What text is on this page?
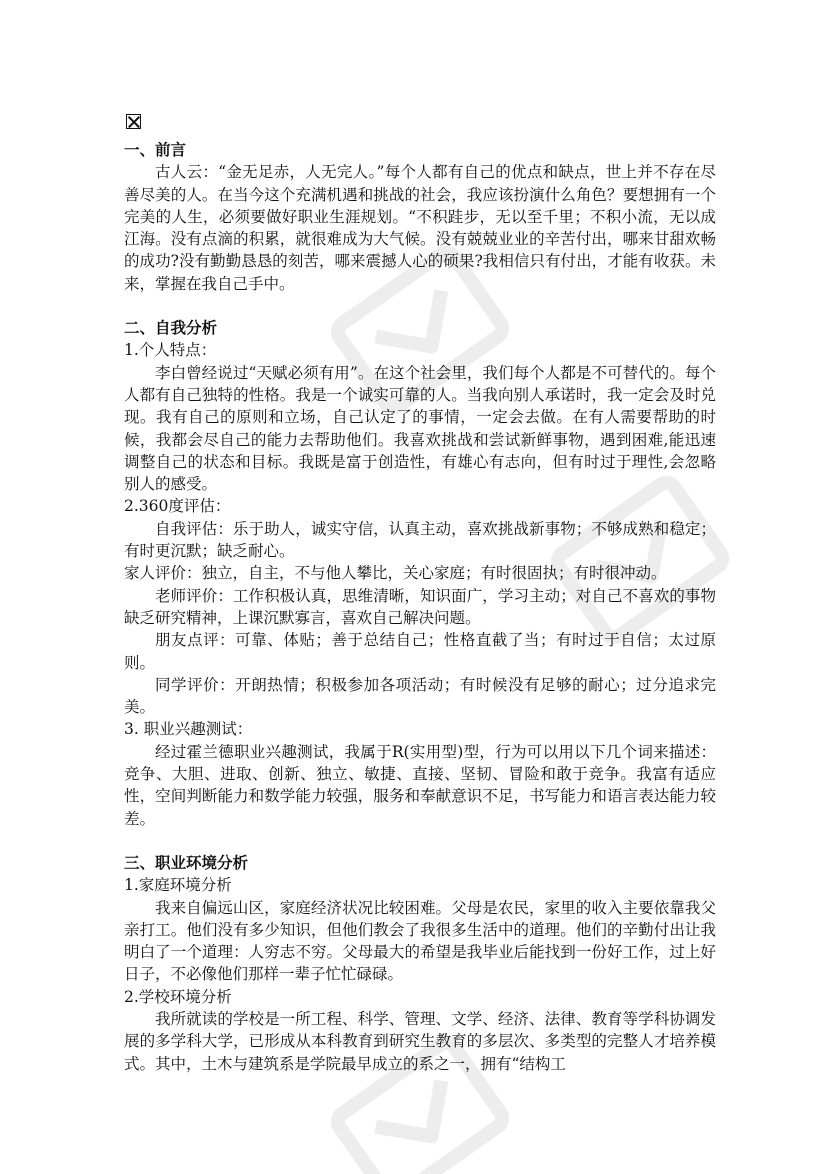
一、前言

古人云：“金无足赤，人无完人。”每个人都有自己的优点和缺点，世上并不存在尽善尽美的人。在当今这个充满机遇和挑战的社会，我应该扮演什么角色？要想拥有一个完美的人生，必须要做好职业生涯规划。“不积跬步，无以至千里；不积小流，无以成江海。没有点滴的积累，就很难成为大气候。没有兢兢业业的辛苦付出，哪来甘甜欢畅的成功?没有勤勤恳恳的刻苦，哪来震撼人心的硕果?我相信只有付出，才能有收获。未来，掌握在我自己手中。

二、自我分析

1.个人特点：

李白曾经说过“天赋必须有用”。在这个社会里，我们每个人都是不可替代的。每个人都有自己独特的性格。我是一个诚实可靠的人。当我向别人承诺时，我一定会及时兑现。我有自己的原则和立场，自己认定了的事情，一定会去做。在有人需要帮助的时候，我都会尽自己的能力去帮助他们。我喜欢挑战和尝试新鲜事物，遇到困难,能迅速调整自己的状态和目标。我既是富于创造性，有雄心有志向，但有时过于理性,会忽略别人的感受。

2.360度评估：

自我评估：乐于助人，诚实守信，认真主动，喜欢挑战新事物；不够成熟和稳定；有时更沉默；缺乏耐心。

家人评价：独立，自主，不与他人攀比，关心家庭；有时很固执；有时很冲动。

老师评价：工作积极认真，思维清晰，知识面广，学习主动；对自己不喜欢的事物缺乏研究精神，上课沉默寡言，喜欢自己解决问题。

朋友点评：可靠、体贴；善于总结自己；性格直截了当；有时过于自信；太过原则。

同学评价：开朗热情；积极参加各项活动；有时候没有足够的耐心；过分追求完美。

3. 职业兴趣测试：

经过霍兰德职业兴趣测试，我属于R(实用型)型，行为可以用以下几个词来描述：竞争、大胆、进取、创新、独立、敏捷、直接、坚韧、冒险和敢于竞争。我富有适应性，空间判断能力和数学能力较强，服务和奉献意识不足，书写能力和语言表达能力较差。

三、职业环境分析

1.家庭环境分析

我来自偏远山区，家庭经济状况比较困难。父母是农民，家里的收入主要依靠我父亲打工。他们没有多少知识，但他们教会了我很多生活中的道理。他们的辛勤付出让我明白了一个道理：人穷志不穷。父母最大的希望是我毕业后能找到一份好工作，过上好日子，不必像他们那样一辈子忙忙碌碌。

2.学校环境分析

我所就读的学校是一所工程、科学、管理、文学、经济、法律、教育等学科协调发展的多学科大学，已形成从本科教育到研究生教育的多层次、多类型的完整人才培养模式。其中，土木与建筑系是学院最早成立的系之一，拥有“结构工
